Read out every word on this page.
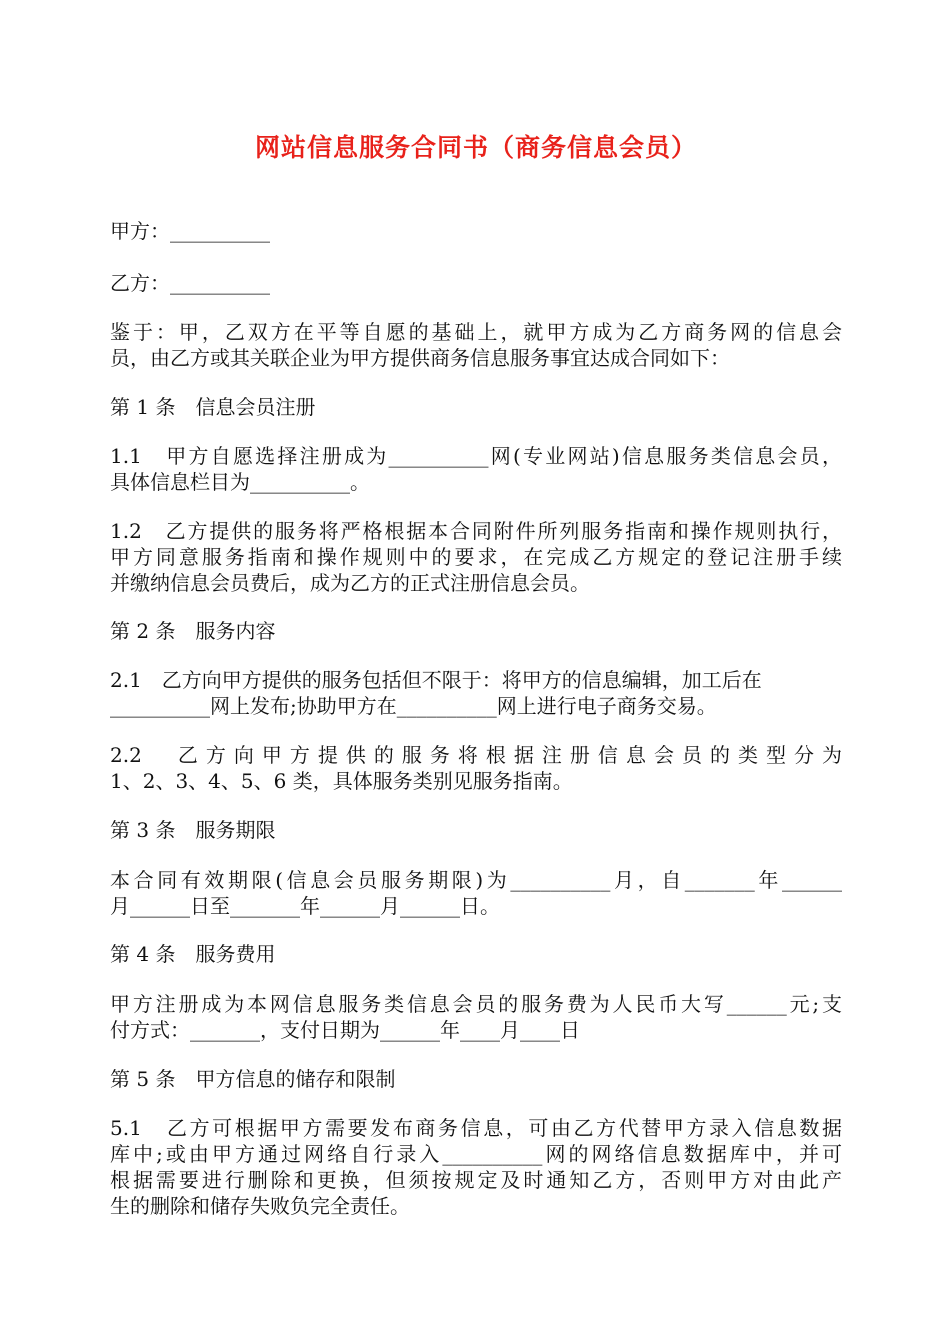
网站信息服务合同书（商务信息会员）

甲方：__________

乙方：__________

鉴于：甲，乙双方在平等自愿的基础上，就甲方成为乙方商务网的信息会
员，由乙方或其关联企业为甲方提供商务信息服务事宜达成合同如下：

第 1 条　信息会员注册

1.1　甲方自愿选择注册成为__________网(专业网站)信息服务类信息会员，
具体信息栏目为__________。
1.2　乙方提供的服务将严格根据本合同附件所列服务指南和操作规则执行，
甲方同意服务指南和操作规则中的要求，在完成乙方规定的登记注册手续
并缴纳信息会员费后，成为乙方的正式注册信息会员。

第 2 条　服务内容

2.1　乙方向甲方提供的服务包括但不限于：将甲方的信息编辑，加工后在
__________网上发布;协助甲方在__________网上进行电子商务交易。
2.2　乙方向甲方提供的服务将根据注册信息会员的类型分为
1、2、3、4、5、6 类，具体服务类别见服务指南。

第 3 条　服务期限

本合同有效期限(信息会员服务期限)为__________月，自_______年______
月______日至_______年______月______日。

第 4 条　服务费用

甲方注册成为本网信息服务类信息会员的服务费为人民币大写______元;支
付方式：_______，支付日期为______年____月____日

第 5 条　甲方信息的储存和限制

5.1　乙方可根据甲方需要发布商务信息，可由乙方代替甲方录入信息数据
库中;或由甲方通过网络自行录入__________网的网络信息数据库中，并可
根据需要进行删除和更换，但须按规定及时通知乙方，否则甲方对由此产
生的删除和储存失败负完全责任。
